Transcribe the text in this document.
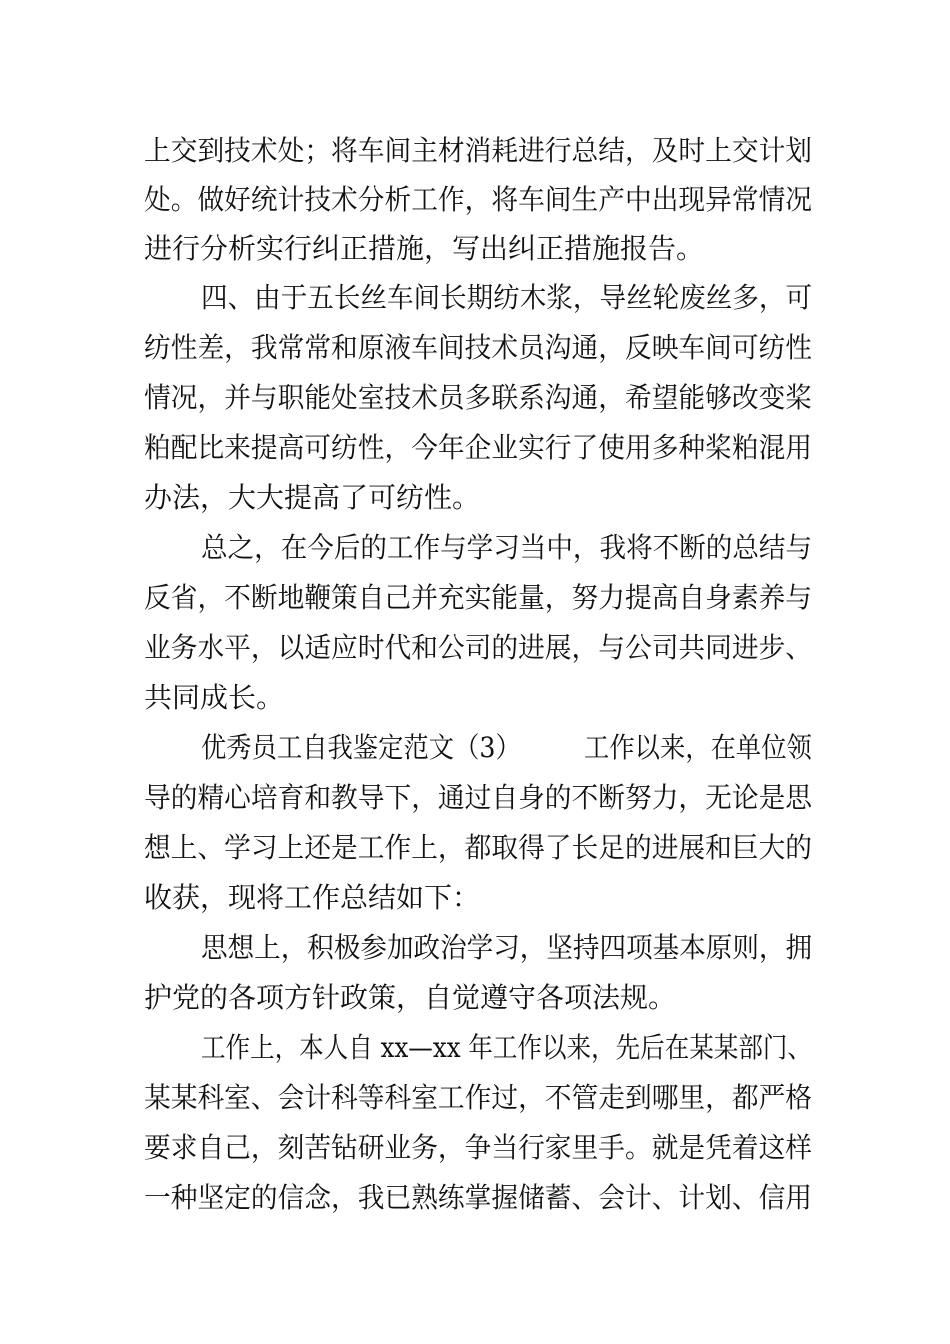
上交到技术处；将车间主材消耗进行总结，及时上交计划
处。做好统计技术分析工作，将车间生产中出现异常情况
进行分析实行纠正措施，写出纠正措施报告。
四、由于五长丝车间长期纺木浆，导丝轮废丝多，可
纺性差，我常常和原液车间技术员沟通，反映车间可纺性
情况，并与职能处室技术员多联系沟通，希望能够改变桨
粕配比来提高可纺性，今年企业实行了使用多种桨粕混用
办法，大大提高了可纺性。
总之，在今后的工作与学习当中，我将不断的总结与
反省，不断地鞭策自己并充实能量，努力提高自身素养与
业务水平，以适应时代和公司的进展，与公司共同进步、
共同成长。
优秀员工自我鉴定范文（3）　　　工作以来，在单位领
导的精心培育和教导下，通过自身的不断努力，无论是思
想上、学习上还是工作上，都取得了长足的进展和巨大的
收获，现将工作总结如下：
思想上，积极参加政治学习，坚持四项基本原则，拥
护党的各项方针政策，自觉遵守各项法规。
工作上，本人自 xx—xx 年工作以来，先后在某某部门、
某某科室、会计科等科室工作过，不管走到哪里，都严格
要求自己，刻苦钻研业务，争当行家里手。就是凭着这样
一种坚定的信念，我已熟练掌握储蓄、会计、计划、信用
